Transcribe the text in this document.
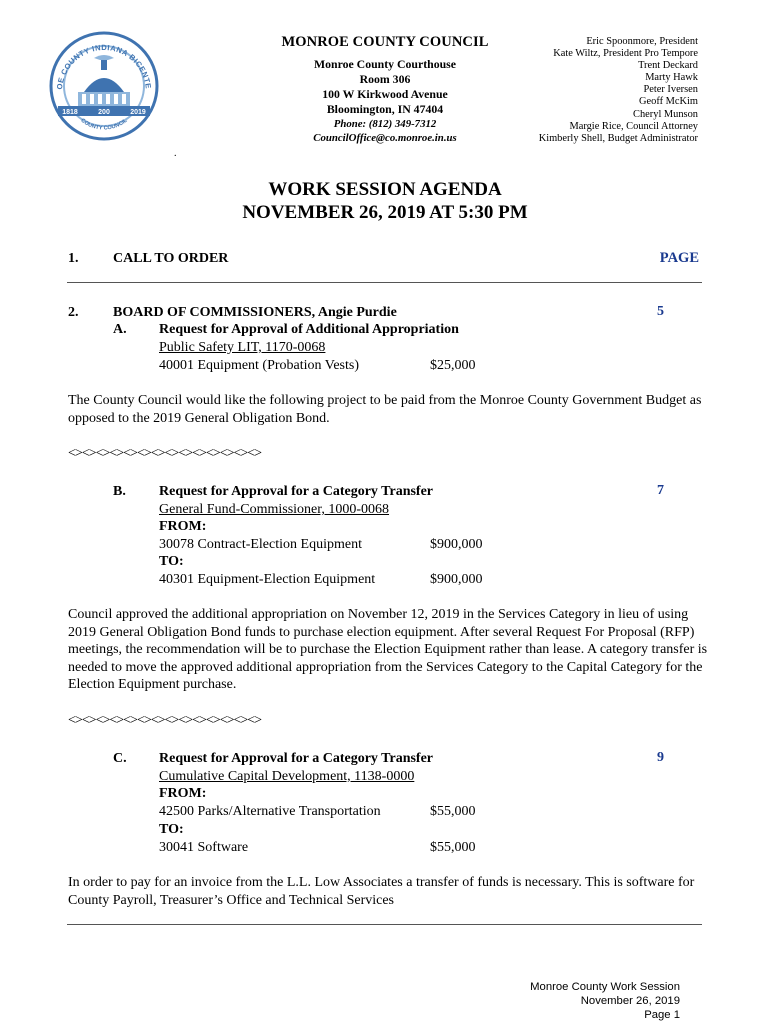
OE COUNTY INDIANA BICENTE
1818	200	2019
COUNTY COUNCIL
MONROE COUNTY COUNCIL
Monroe County Courthouse
Room 306
100 W Kirkwood Avenue
Bloomington, IN 47404
Phone: (812) 349-7312
CouncilOffice@co.monroe.in.us
Eric Spoonmore, President
Kate Wiltz, President Pro Tempore
Trent Deckard
Marty Hawk
Peter Iversen
Geoff McKim
Cheryl Munson
Margie Rice, Council Attorney
Kimberly Shell, Budget Administrator
.
WORK SESSION AGENDA
NOVEMBER 26, 2019 AT 5:30 PM
1. CALL TO ORDER	PAGE
2. BOARD OF COMMISSIONERS, Angie Purdie	5
A. Request for Approval of Additional Appropriation
Public Safety LIT, 1170-0068
40001 Equipment (Probation Vests)	$25,000
The County Council would like the following project to be paid from the Monroe County Government Budget as opposed to the 2019 General Obligation Bond.
<><><><><><><><><><><><><><>
B. Request for Approval for a Category Transfer	7
General Fund-Commissioner, 1000-0068
FROM:
30078 Contract-Election Equipment	$900,000
TO:
40301 Equipment-Election Equipment	$900,000
Council approved the additional appropriation on November 12, 2019 in the Services Category in lieu of using 2019 General Obligation Bond funds to purchase election equipment. After several Request For Proposal (RFP) meetings, the recommendation will be to purchase the Election Equipment rather than lease. A category transfer is needed to move the approved additional appropriation from the Services Category to the Capital Category for the Election Equipment purchase.
<><><><><><><><><><><><><><>
C. Request for Approval for a Category Transfer	9
Cumulative Capital Development, 1138-0000
FROM:
42500 Parks/Alternative Transportation	$55,000
TO:
30041 Software	$55,000
In order to pay for an invoice from the L.L. Low Associates a transfer of funds is necessary. This is software for County Payroll, Treasurer’s Office and Technical Services
Monroe County Work Session
November 26, 2019
Page 1
